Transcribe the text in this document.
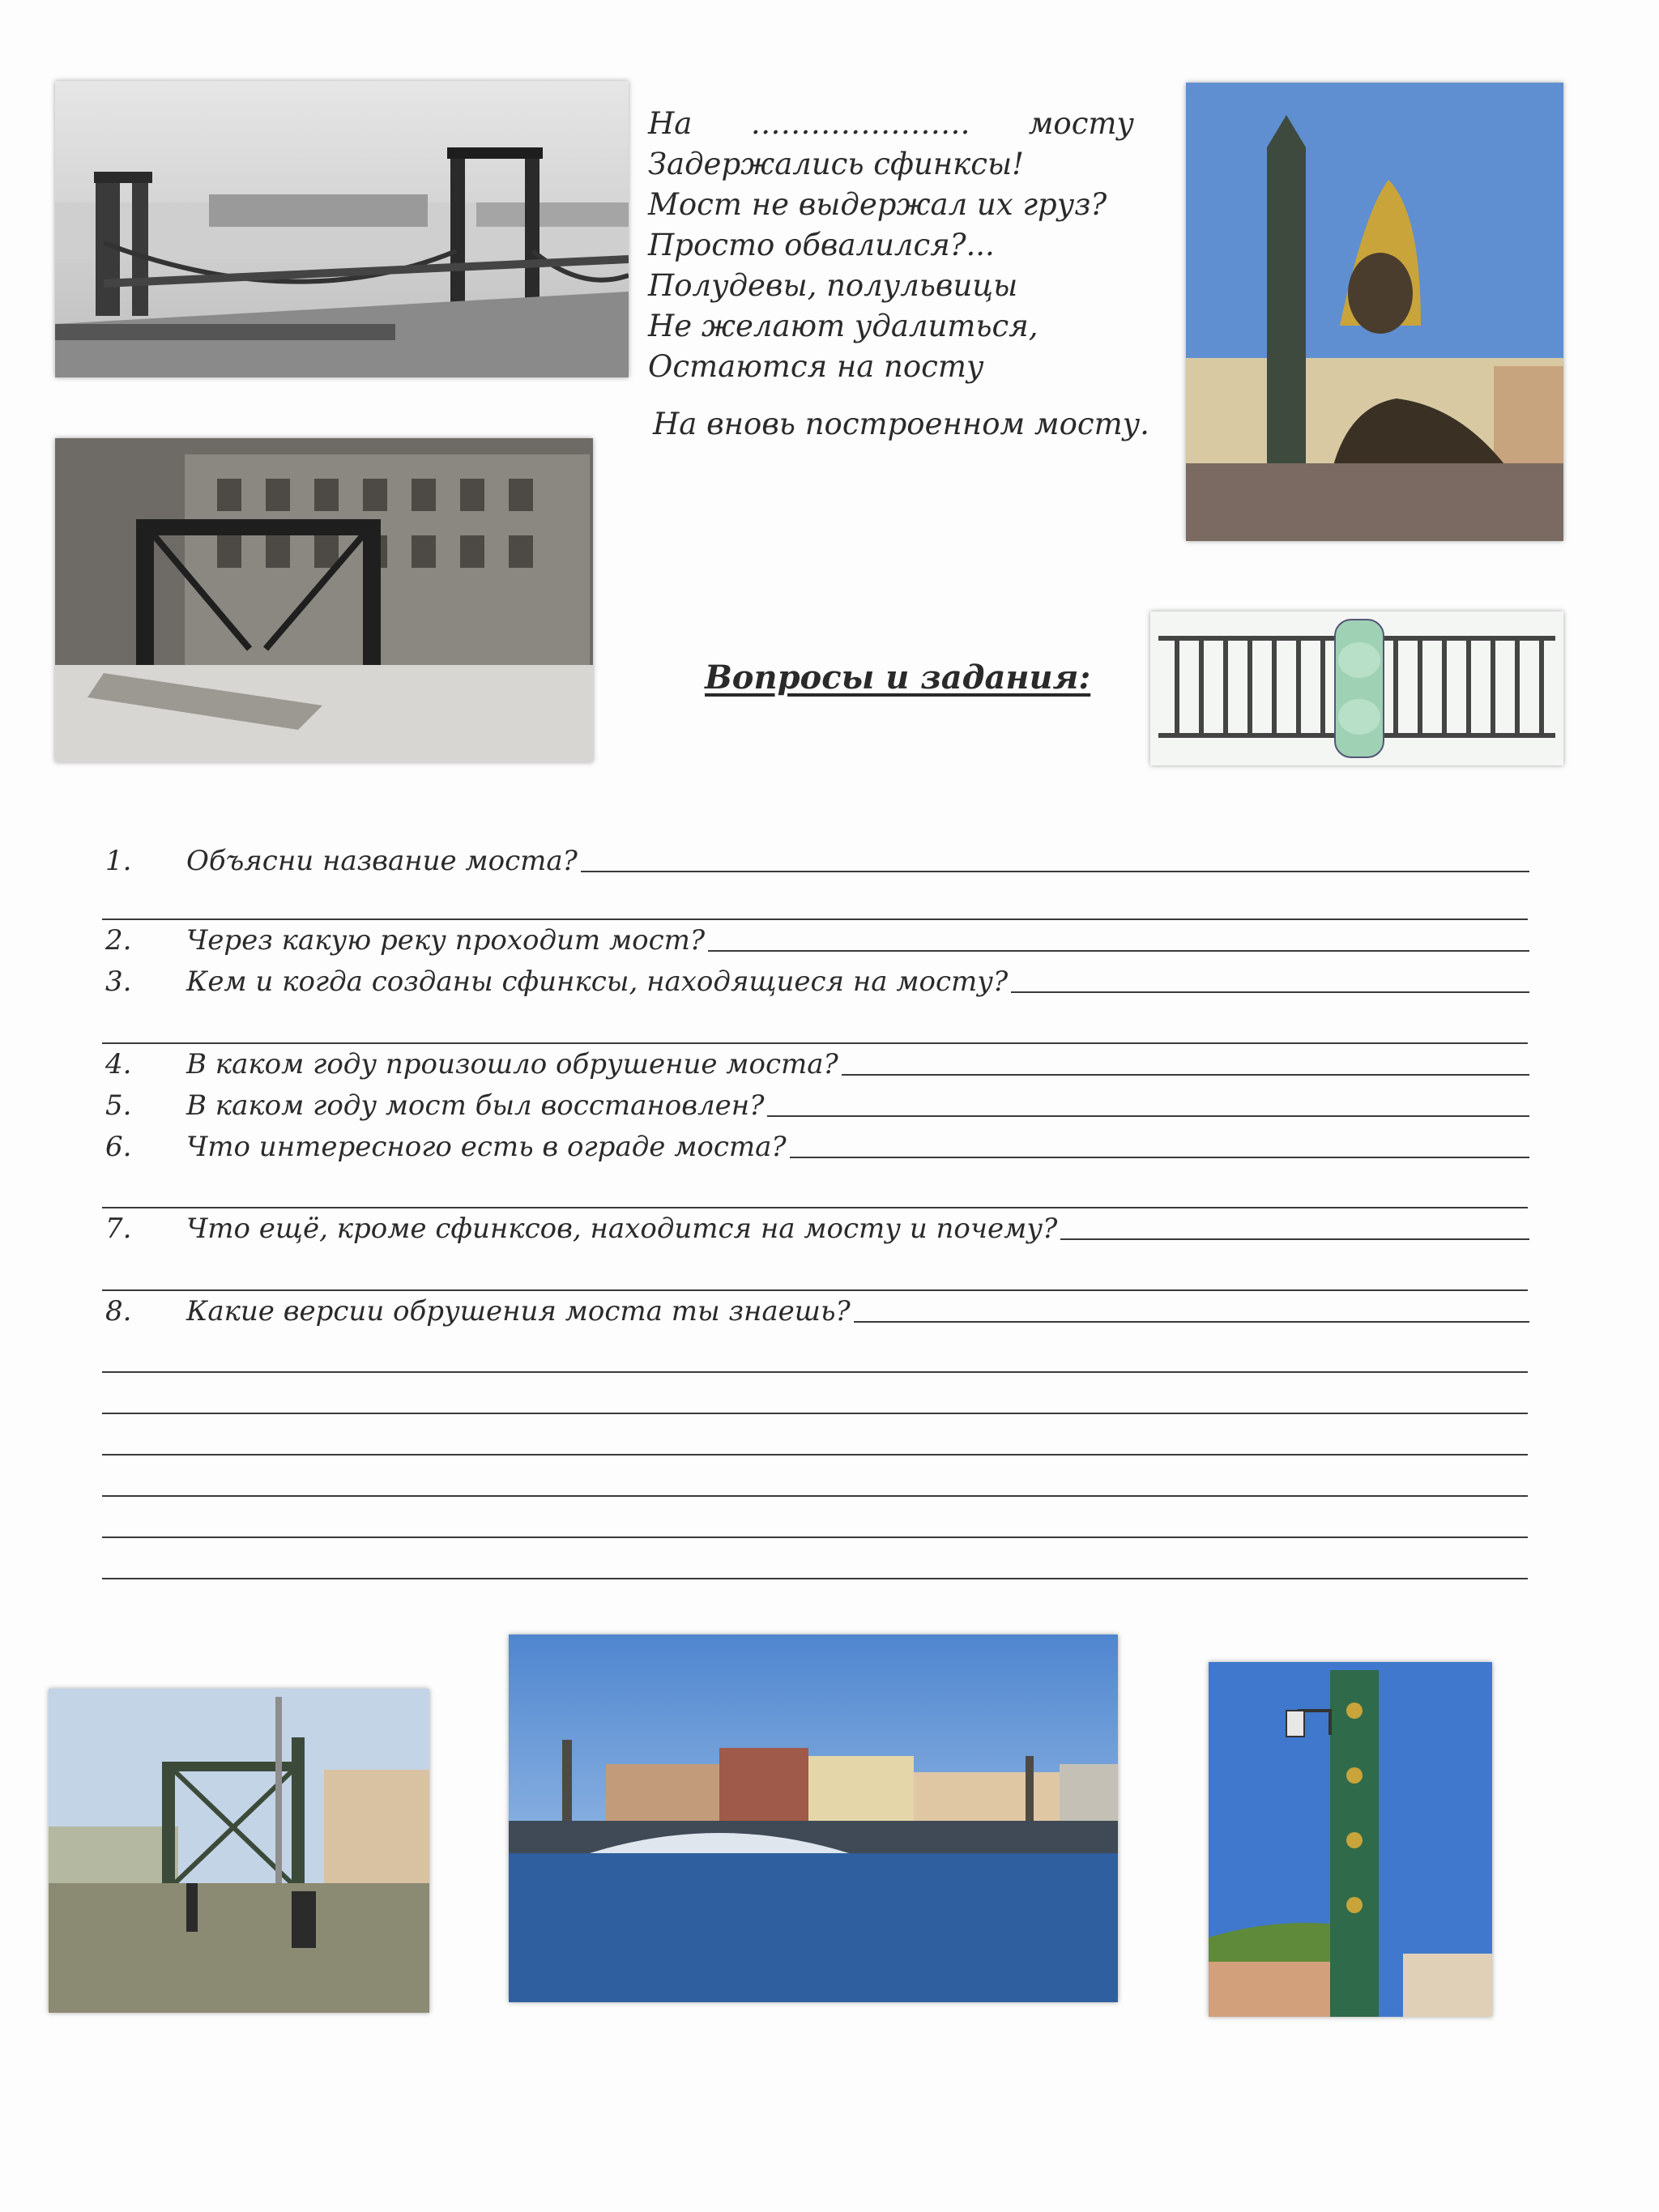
На …………………. мосту
Задержались сфинксы!
Мост не выдержал их груз?
Просто обвалился?...
Полудевы, полульвицы
Не желают удалиться,
Остаются на посту
На вновь построенном мосту.
Вопросы и задания:
1.	Объясни название моста?
2.	Через какую реку проходит мост?
3.	Кем и когда созданы сфинксы, находящиеся на мосту?
4.	В каком году произошло обрушение моста?
5.	В каком году мост был восстановлен?
6.	Что интересного есть в ограде моста?
7.	Что ещё, кроме сфинксов, находится на мосту и почему?
8.	Какие версии обрушения моста ты знаешь?
